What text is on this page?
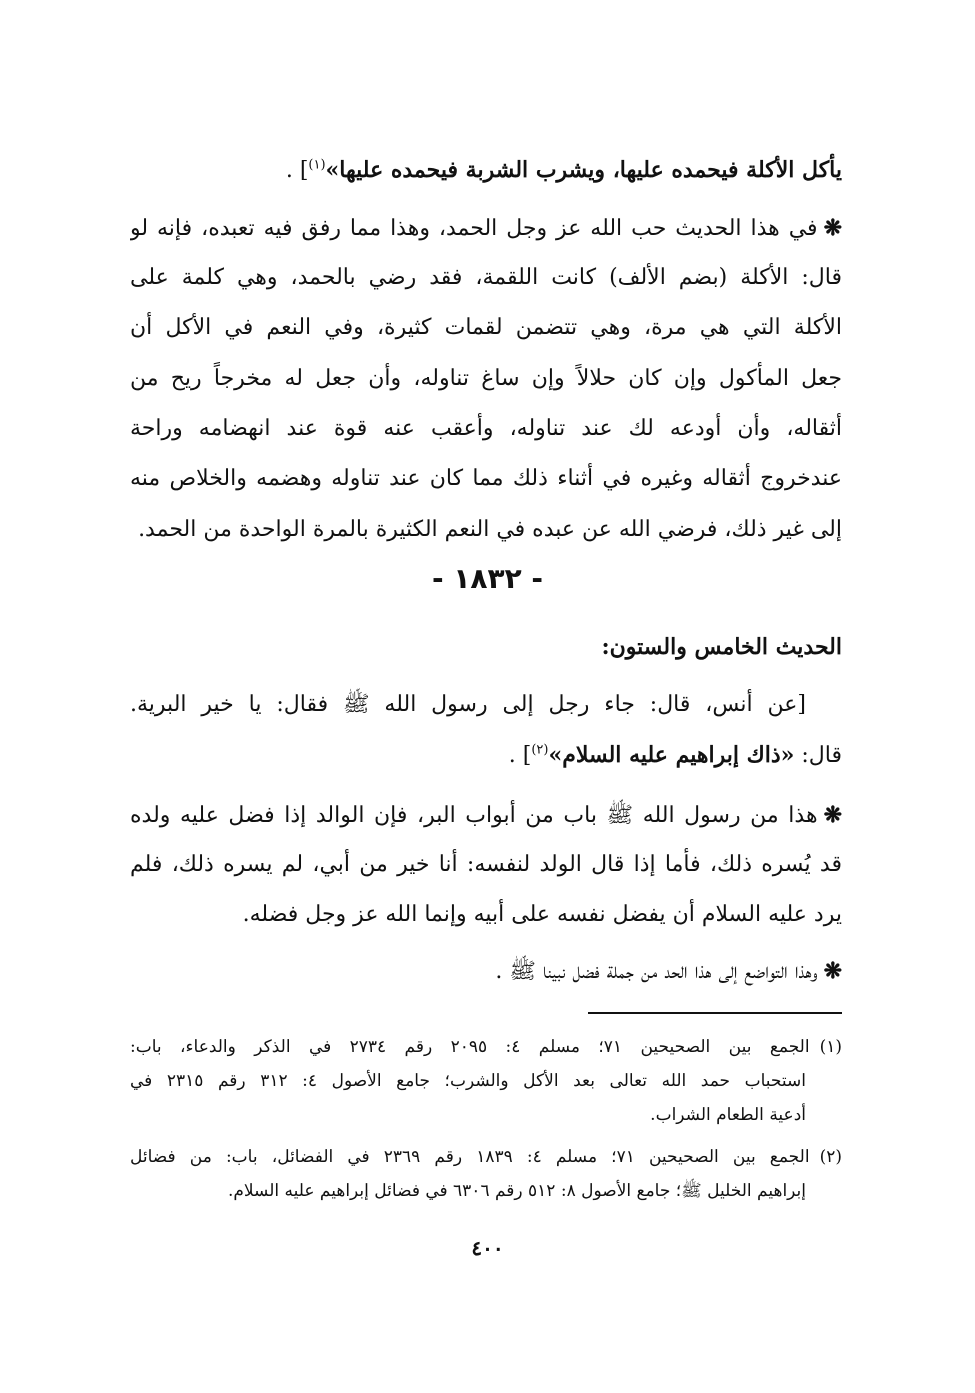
يأكل الأكلة فيحمده عليها، ويشرب الشربة فيحمده عليها»$^{(١)}$] .
❋في هذا الحديث حب الله عز وجل الحمد، وهذا مما رفق فيه تعبده، فإنه لو
قال: الأكلة (بضم الألف) كانت اللقمة، فقد رضي بالحمد، وهي كلمة على
الأكلة التي هي مرة، وهي تتضمن لقمات كثيرة، وفي النعم في الأكل أن
جعل المأكول وإن كان حلالاً وإن ساغ تناوله، وأن جعل له مخرجاً ريح من
أثقاله، وأن أودعه لك عند تناوله، وأعقب عنه قوة عند انهضامه وراحة
عندخروج أثقاله وغيره في أثناء ذلك مما كان عند تناوله وهضمه والخلاص منه
إلى غير ذلك، فرضي الله عن عبده في النعم الكثيرة بالمرة الواحدة من الحمد.
الحديث الخامس والستون:
[عن أنس، قال: جاء رجل إلى رسول الله ﷺ فقال: يا خير البرية.
قال: «ذاك إبراهيم عليه السلام»$^{(٢)}$] .
❋هذا من رسول الله ﷺ باب من أبواب البر، فإن الوالد إذا فضل عليه ولده
قد يُسره ذلك، فأما إذا قال الولد لنفسه: أنا خير من أبي، لم يسره ذلك، فلم
يرد عليه السلام أن يفضل نفسه على أبيه وإنما الله عز وجل فضله.
❋وهذا التواضع إلى هذا الحد من جملة فضل نبينا ﷺ .
- ١٨٣٢ -
(١)الجمع بين الصحيحين ٧١؛ مسلم ٤: ٢٠٩٥ رقم ٢٧٣٤ في الذكر والدعاء، باب:
استحباب حمد الله تعالى بعد الأكل والشرب؛ جامع الأصول ٤: ٣١٢ رقم ٢٣١٥ في
أدعية الطعام الشراب.
(٢)الجمع بين الصحيحين ٧١؛ مسلم ٤: ١٨٣٩ رقم ٢٣٦٩ في الفضائل، باب: من فضائل
إبراهيم الخليل ﷺ؛ جامع الأصول ٨: ٥١٢ رقم ٦٣٠٦ في فضائل إبراهيم عليه السلام.
٤٠٠
